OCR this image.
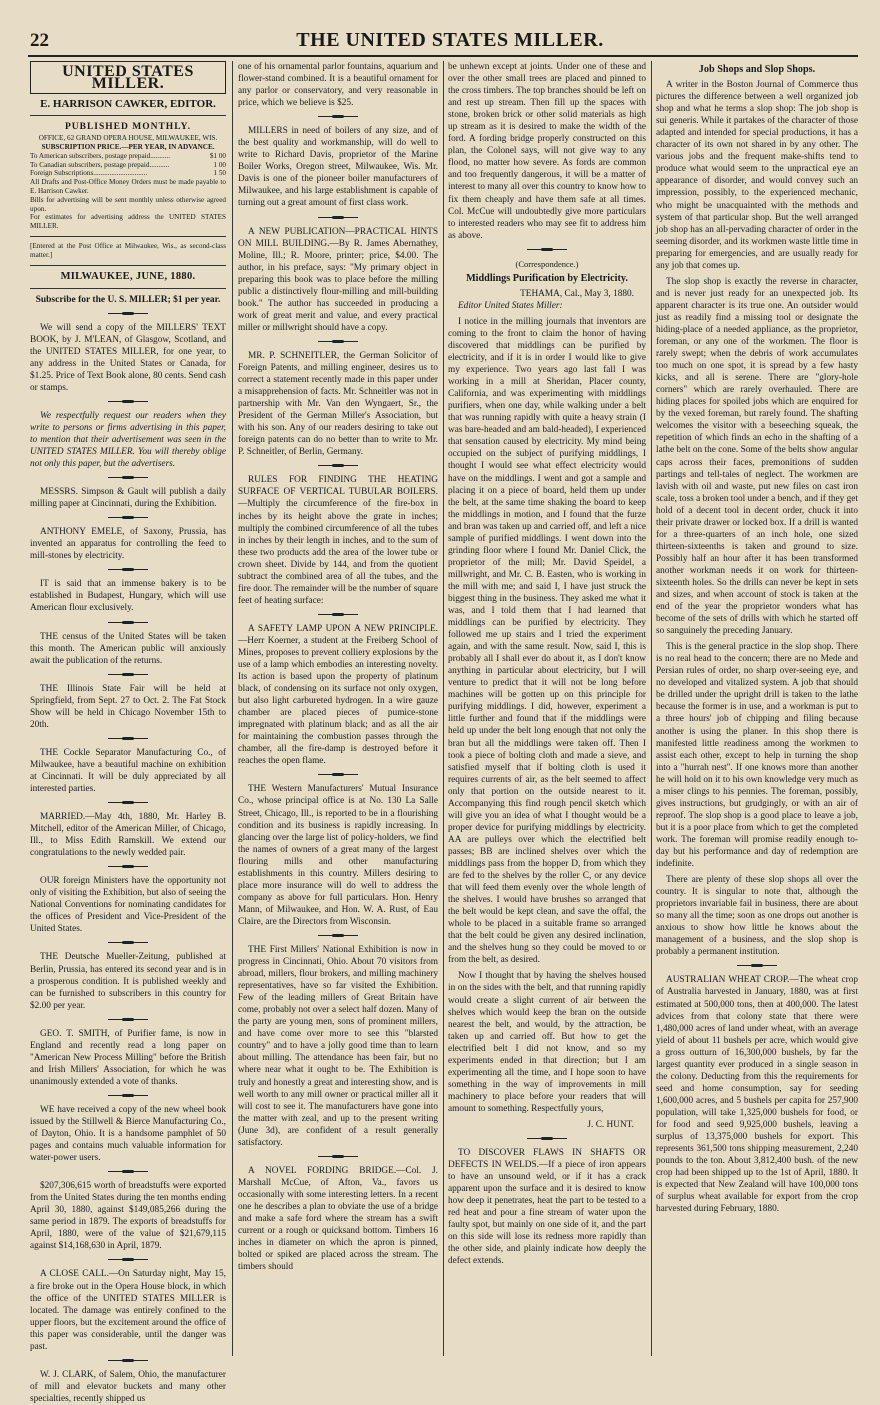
22	THE UNITED STATES MILLER.
UNITED STATES MILLER.
E. HARRISON CAWKER, EDITOR.
PUBLISHED MONTHLY.
OFFICE, 62 GRAND OPERA HOUSE, MILWAUKEE, WIS.
SUBSCRIPTION PRICE.—PER YEAR, IN ADVANCE.
To American subscribers, postage prepaid...........	$1 00
To Canadian subscribers, postage prepaid...........	1 00
Foreign Subscriptions..............................	1 50
All Drafts and Post-Office Money Orders must be made payable to E. Harrison Cawker.
Bills for advertising will be sent monthly unless otherwise agreed upon.
For estimates for advertising address the UNITED STATES MILLER.
[Entered at the Post Office at Milwaukee, Wis., as second-class matter.]
MILWAUKEE, JUNE, 1880.
Subscribe for the U. S. MILLER; $1 per year.

We will send a copy of the MILLERS' TEXT BOOK, by J. M'LEAN, of Glasgow, Scotland, and the UNITED STATES MILLER, for one year, to any address in the United States or Canada, for $1.25. Price of Text Book alone, 80 cents. Send cash or stamps.

We respectfully request our readers when they write to persons or firms advertising in this paper, to mention that their advertisement was seen in the UNITED STATES MILLER. You will thereby oblige not only this paper, but the advertisers.

MESSRS. Simpson & Gault will publish a daily milling paper at Cincinnati, during the Exhibition.

ANTHONY EMELE, of Saxony, Prussia, has invented an apparatus for controlling the feed to mill-stones by electricity.

IT is said that an immense bakery is to be established in Budapest, Hungary, which will use American flour exclusively.

THE census of the United States will be taken this month. The American public will anxiously await the publication of the returns.

THE Illinois State Fair will be held at Springfield, from Sept. 27 to Oct. 2. The Fat Stock Show will be held in Chicago November 15th to 20th.

THE Cockle Separator Manufacturing Co., of Milwaukee, have a beautiful machine on exhibition at Cincinnati. It will be duly appreciated by all interested parties.

MARRIED.—May 4th, 1880, Mr. Harley B. Mitchell, editor of the American Miller, of Chicago, Ill., to Miss Edith Ramskill. We extend our congratulations to the newly wedded pair.

OUR foreign Ministers have the opportunity not only of visiting the Exhibition, but also of seeing the National Conventions for nominating candidates for the offices of President and Vice-President of the United States.

THE Deutsche Mueller-Zeitung, published at Berlin, Prussia, has entered its second year and is in a prosperous condition. It is published weekly and can be furnished to subscribers in this country for $2.00 per year.

GEO. T. SMITH, of Purifier fame, is now in England and recently read a long paper on "American New Process Milling" before the British and Irish Millers' Association, for which he was unanimously extended a vote of thanks.

WE have received a copy of the new wheel book issued by the Stillwell & Bierce Manufacturing Co., of Dayton, Ohio. It is a handsome pamphlet of 50 pages and contains much valuable information for water-power users.

$207,306,615 worth of breadstuffs were exported from the United States during the ten months ending April 30, 1880, against $149,085,266 during the same period in 1879. The exports of breadstuffs for April, 1880, were of the value of $21,679,115 against $14,168,630 in April, 1879.

A CLOSE CALL.—On Saturday night, May 15, a fire broke out in the Opera House block, in which the office of the UNITED STATES MILLER is located. The damage was entirely confined to the upper floors, but the excitement around the office of this paper was considerable, until the danger was past.

W. J. CLARK, of Salem, Ohio, the manufacturer of mill and elevator buckets and many other specialties, recently shipped us

one of his ornamental parlor fountains, aquarium and flower-stand combined. It is a beautiful ornament for any parlor or conservatory, and very reasonable in price, which we believe is $25.

MILLERS in need of boilers of any size, and of the best quality and workmanship, will do well to write to Richard Davis, proprietor of the Marine Boiler Works, Oregon street, Milwaukee, Wis. Mr. Davis is one of the pioneer boiler manufacturers of Milwaukee, and his large establishment is capable of turning out a great amount of first class work.

A NEW PUBLICATION—PRACTICAL HINTS ON MILL BUILDING.—By R. James Abernathey, Moline, Ill.; R. Moore, printer; price, $4.00. The author, in his preface, says: "My primary object in preparing this book was to place before the milling public a distinctively flour-milling and mill-building book." The author has succeeded in producing a work of great merit and value, and every practical miller or millwright should have a copy.

MR. P. SCHNEITLER, the German Solicitor of Foreign Patents, and milling engineer, desires us to correct a statement recently made in this paper under a misapprehension of facts. Mr. Schneitler was not in partnership with Mr. Van den Wyngaert, Sr., the President of the German Miller's Association, but with his son. Any of our readers desiring to take out foreign patents can do no better than to write to Mr. P. Schneitler, of Berlin, Germany.

RULES FOR FINDING THE HEATING SURFACE OF VERTICAL TUBULAR BOILERS.—Multiply the circumference of the fire-box in inches by its height above the grate in inches; multiply the combined circumference of all the tubes in inches by their length in inches, and to the sum of these two products add the area of the lower tube or crown sheet. Divide by 144, and from the quotient subtract the combined area of all the tubes, and the fire door. The remainder will be the number of square feet of heating surface:

A SAFETY LAMP UPON A NEW PRINCIPLE.—Herr Koerner, a student at the Freiberg School of Mines, proposes to prevent colliery explosions by the use of a lamp which embodies an interesting novelty. Its action is based upon the property of platinum black, of condensing on its surface not only oxygen, but also light carbureted hydrogen. In a wire gauze chamber are placed pieces of pumice-stone impregnated with platinum black; and as all the air for maintaining the combustion passes through the chamber, all the fire-damp is destroyed before it reaches the open flame.

THE Western Manufacturers' Mutual Insurance Co., whose principal office is at No. 130 La Salle Street, Chicago, Ill., is reported to be in a flourishing condition and its business is rapidly increasing. In glancing over the large list of policy-holders, we find the names of owners of a great many of the largest flouring mills and other manufacturing establishments in this country. Millers desiring to place more insurance will do well to address the company as above for full particulars. Hon. Henry Mann, of Milwaukee, and Hon. W. A. Rust, of Eau Claire, are the Directors from Wisconsin.

THE First Millers' National Exhibition is now in progress in Cincinnati, Ohio. About 70 visitors from abroad, millers, flour brokers, and milling machinery representatives, have so far visited the Exhibition. Few of the leading millers of Great Britain have come, probably not over a select half dozen. Many of the party are young men, sons of prominent millers, and have come over more to see this "blarsted country" and to have a jolly good time than to learn about milling. The attendance has been fair, but no where near what it ought to be. The Exhibition is truly and honestly a great and interesting show, and is well worth to any mill owner or practical miller all it will cost to see it. The manufacturers have gone into the matter with zeal, and up to the present writing (June 3d), are confident of a result generally satisfactory.

A NOVEL FORDING BRIDGE.—Col. J. Marshall McCue, of Afton, Va., favors us occasionally with some interesting letters. In a recent one he describes a plan to obviate the use of a bridge and make a safe ford where the stream has a swift current or a rough or quicksand bottom. Timbers 16 inches in diameter on which the apron is pinned, bolted or spiked are placed across the stream. The timbers should

be unhewn except at joints. Under one of these and over the other small trees are placed and pinned to the cross timbers. The top branches should be left on and rest up stream. Then fill up the spaces with stone, broken brick or other solid materials as high up stream as it is desired to make the width of the ford. A fording bridge properly constructed on this plan, the Colonel says, will not give way to any flood, no matter how severe. As fords are common and too frequently dangerous, it will be a matter of interest to many all over this country to know how to fix them cheaply and have them safe at all times. Col. McCue will undoubtedly give more particulars to interested readers who may see fit to address him as above.

(Correspondence.)
Middlings Purification by Electricity.
TEHAMA, Cal., May 3, 1880.

Editor United States Miller:

I notice in the milling journals that inventors are coming to the front to claim the honor of having discovered that middlings can be purified by electricity, and if it is in order I would like to give my experience. Two years ago last fall I was working in a mill at Sheridan, Placer county, California, and was experimenting with middlings purifiers, when one day, while walking under a belt that was running rapidly with quite a heavy strain (I was bare-headed and am bald-headed), I experienced that sensation caused by electricity. My mind being occupied on the subject of purifying middlings, I thought I would see what effect electricity would have on the middlings. I went and got a sample and placing it on a piece of board, held them up under the belt, at the same time shaking the board to keep the middlings in motion, and I found that the furze and bran was taken up and carried off, and left a nice sample of purified middlings. I went down into the grinding floor where I found Mr. Daniel Click, the proprietor of the mill; Mr. David Speidel, a millwright, and Mr. C. B. Easten, who is working in the mill with me; and said I, I have just struck the biggest thing in the business. They asked me what it was, and I told them that I had learned that middlings can be purified by electricity. They followed me up stairs and I tried the experiment again, and with the same result. Now, said I, this is probably all I shall ever do about it, as I don't know anything in particular about electricity, but I will venture to predict that it will not be long before machines will be gotten up on this principle for purifying middlings. I did, however, experiment a little further and found that if the middlings were held up under the belt long enough that not only the bran but all the middlings were taken off. Then I took a piece of bolting cloth and made a sieve, and satisfied myself that if bolting cloth is used it requires currents of air, as the belt seemed to affect only that portion on the outside nearest to it. Accompanying this find rough pencil sketch which will give you an idea of what I thought would be a proper device for purifying middlings by electricity. AA are pulleys over which the electrified belt passes; BB are inclined shelves over which the middlings pass from the hopper D, from which they are fed to the shelves by the roller C, or any device that will feed them evenly over the whole length of the shelves. I would have brushes so arranged that the belt would be kept clean, and save the offal, the whole to be placed in a suitable frame so arranged that the belt could be given any desired inclination, and the shelves hung so they could be moved to or from the belt, as desired.

Now I thought that by having the shelves housed in on the sides with the belt, and that running rapidly would create a slight current of air between the shelves which would keep the bran on the outside nearest the belt, and would, by the attraction, be taken up and carried off. But how to get the electrified belt I did not know, and so my experiments ended in that direction; but I am experimenting all the time, and I hope soon to have something in the way of improvements in mill machinery to place before your readers that will amount to something. Respectfully yours,

J. C. HUNT.

TO DISCOVER FLAWS IN SHAFTS OR DEFECTS IN WELDS.—If a piece of iron appears to have an unsound weld, or if it has a crack apparent upon the surface and it is desired to know how deep it penetrates, heat the part to be tested to a red heat and pour a fine stream of water upon the faulty spot, but mainly on one side of it, and the part on this side will lose its redness more rapidly than the other side, and plainly indicate how deeply the defect extends.

Job Shops and Slop Shops.

A writer in the Boston Journal of Commerce thus pictures the difference between a well organized job shop and what he terms a slop shop: The job shop is sui generis. While it partakes of the character of those adapted and intended for special productions, it has a character of its own not shared in by any other. The various jobs and the frequent make-shifts tend to produce what would seem to the unpractical eye an appearance of disorder, and would convey such an impression, possibly, to the experienced mechanic, who might be unacquainted with the methods and system of that particular shop. But the well arranged job shop has an all-pervading character of order in the seeming disorder, and its workmen waste little time in preparing for emergencies, and are usually ready for any job that comes up.

The slop shop is exactly the reverse in character, and is never just ready for an unexpected job. Its apparent character is its true one. An outsider would just as readily find a missing tool or designate the hiding-place of a needed appliance, as the proprietor, foreman, or any one of the workmen. The floor is rarely swept; when the debris of work accumulates too much on one spot, it is spread by a few hasty kicks, and all is serene. There are "glory-hole corners" which are rarely overhauled. There are hiding places for spoiled jobs which are enquired for by the vexed foreman, but rarely found. The shafting welcomes the visitor with a beseeching squeak, the repetition of which finds an echo in the shafting of a lathe belt on the cone. Some of the belts show angular caps across their faces, premonitions of sudden partings and tell-tales of neglect. The workmen are lavish with oil and waste, put new files on cast iron scale, toss a broken tool under a bench, and if they get hold of a decent tool in decent order, chuck it into their private drawer or locked box. If a drill is wanted for a three-quarters of an inch hole, one sized thirteen-sixteenths is taken and ground to size. Possibly half an hour after it has been transformed another workman needs it on work for thirteen-sixteenth holes. So the drills can never be kept in sets and sizes, and when account of stock is taken at the end of the year the proprietor wonders what has become of the sets of drills with which he started off so sanguinely the preceding January.

This is the general practice in the slop shop. There is no real head to the concern; there are no Mede and Persian rules of order, no sharp over-seeing eye, and no developed and vitalized system. A job that should be drilled under the upright drill is taken to the lathe because the former is in use, and a workman is put to a three hours' job of chipping and filing because another is using the planer. In this shop there is manifested little readiness among the workmen to assist each other, except to help in turning the shop into a "hurrah nest". If one knows more than another he will hold on it to his own knowledge very much as a miser clings to his pennies. The foreman, possibly, gives instructions, but grudgingly, or with an air of reproof. The slop shop is a good place to leave a job, but it is a poor place from which to get the completed work. The foreman will promise readily enough to-day but his performance and day of redemption are indefinite.

There are plenty of these slop shops all over the country. It is singular to note that, although the proprietors invariable fail in business, there are about so many all the time; soon as one drops out another is anxious to show how little he knows about the management of a business, and the slop shop is probably a permanent institution.

AUSTRALIAN WHEAT CROP.—The wheat crop of Australia harvested in January, 1880, was at first estimated at 500,000 tons, then at 400,000. The latest advices from that colony state that there were 1,480,000 acres of land under wheat, with an average yield of about 11 bushels per acre, which would give a gross outturn of 16,300,000 bushels, by far the largest quantity ever produced in a single season in the colony. Deducting from this the requirements for seed and home consumption, say for seeding 1,600,000 acres, and 5 bushels per capita for 257,900 population, will take 1,325,000 bushels for food, or for food and seed 9,925,000 bushels, leaving a surplus of 13,375,000 bushels for export. This represents 361,500 tons shipping measurement, 2,240 pounds to the ton. About 3,812,400 bush. of the new crop had been shipped up to the 1st of April, 1880. It is expected that New Zealand will have 100,000 tons of surplus wheat available for export from the crop harvested during February, 1880.
